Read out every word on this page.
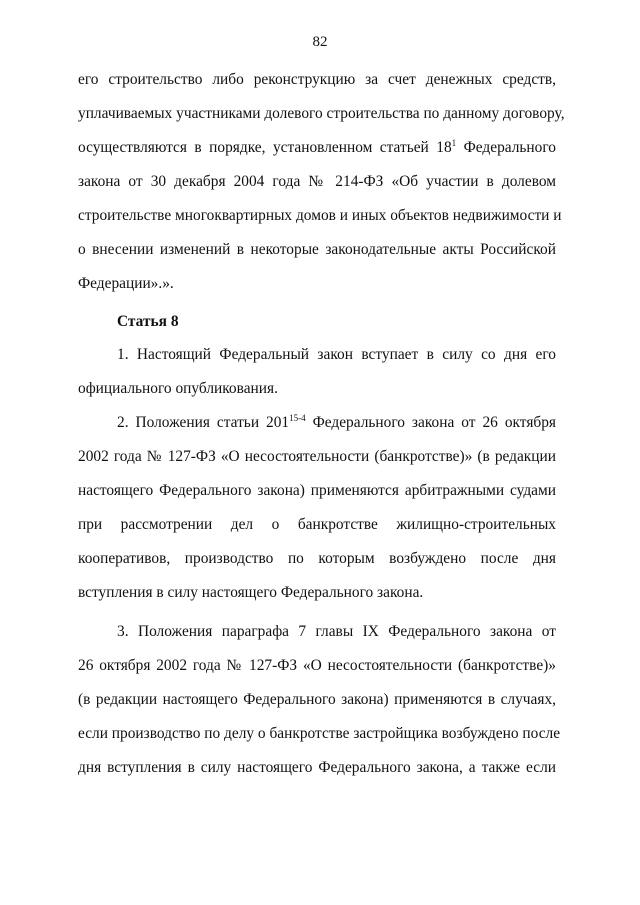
82
его строительство либо реконструкцию за счет денежных средств,
уплачиваемых участниками долевого строительства по данному договору,
осуществляются в порядке, установленном статьей $18^1$ Федерального
закона от 30 декабря 2004 года № 214-ФЗ «Об участии в долевом
строительстве многоквартирных домов и иных объектов недвижимости и
о внесении изменений в некоторые законодательные акты Российской
Федерации».».
Статья 8
1. Настоящий Федеральный закон вступает в силу со дня его
официального опубликования.
2. Положения статьи 201$^{15-4}$ Федерального закона от 26 октября
2002 года № 127-ФЗ «О несостоятельности (банкротстве)» (в редакции
настоящего Федерального закона) применяются арбитражными судами
при рассмотрении дел о банкротстве жилищно-строительных
кооперативов, производство по которым возбуждено после дня
вступления в силу настоящего Федерального закона.
3. Положения параграфа 7 главы IX Федерального закона от
26 октября 2002 года № 127-ФЗ «О несостоятельности (банкротстве)»
(в редакции настоящего Федерального закона) применяются в случаях,
если производство по делу о банкротстве застройщика возбуждено после
дня вступления в силу настоящего Федерального закона, а также если
